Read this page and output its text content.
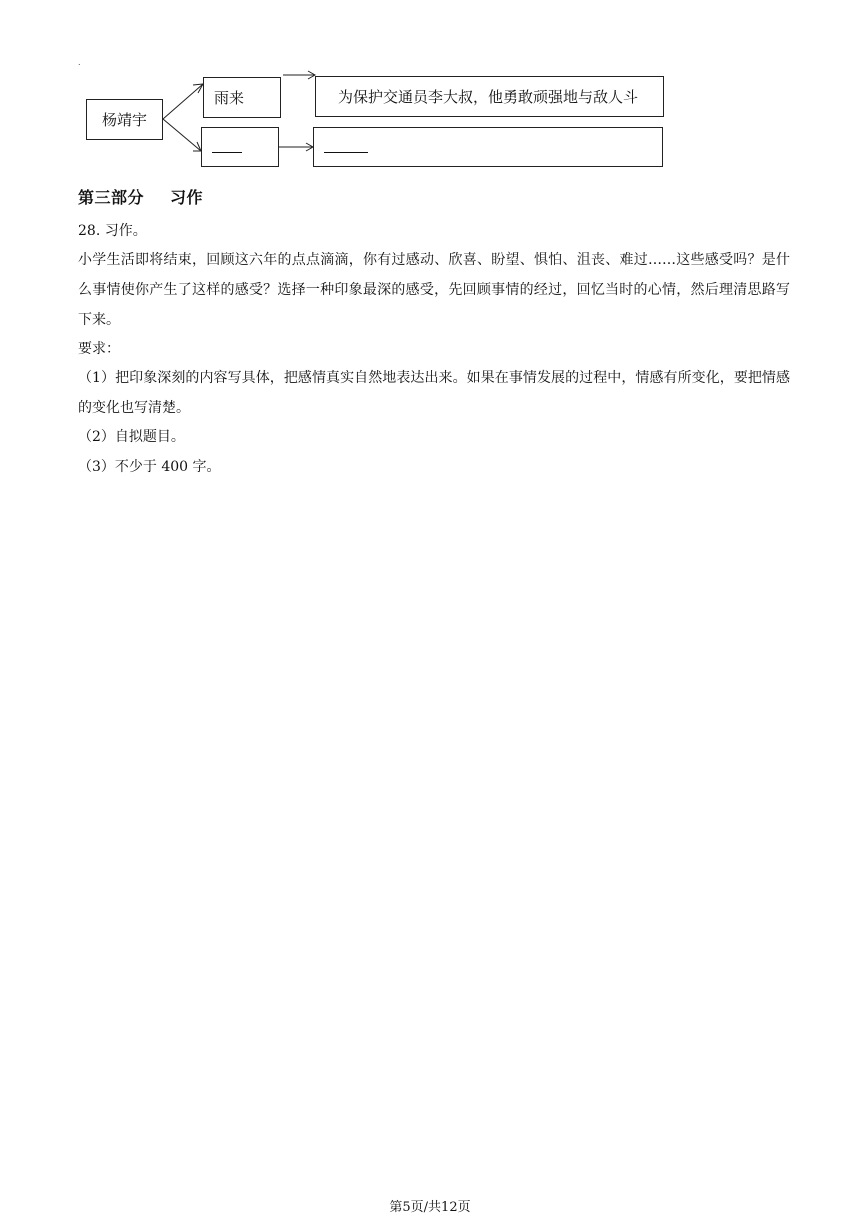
.
杨靖宇
雨来	为保护交通员李大叔，他勇敢顽强地与敌人斗
第三部分 习作

28. 习作。

小学生活即将结束，回顾这六年的点点滴滴，你有过感动、欣喜、盼望、惧怕、沮丧、难过……这些感受吗？是什么事情使你产生了这样的感受？选择一种印象最深的感受，先回顾事情的经过，回忆当时的心情，然后理清思路写下来。

要求：

（1）把印象深刻的内容写具体，把感情真实自然地表达出来。如果在事情发展的过程中，情感有所变化，要把情感的变化也写清楚。

（2）自拟题目。

（3）不少于 400 字。

第5页/共12页
